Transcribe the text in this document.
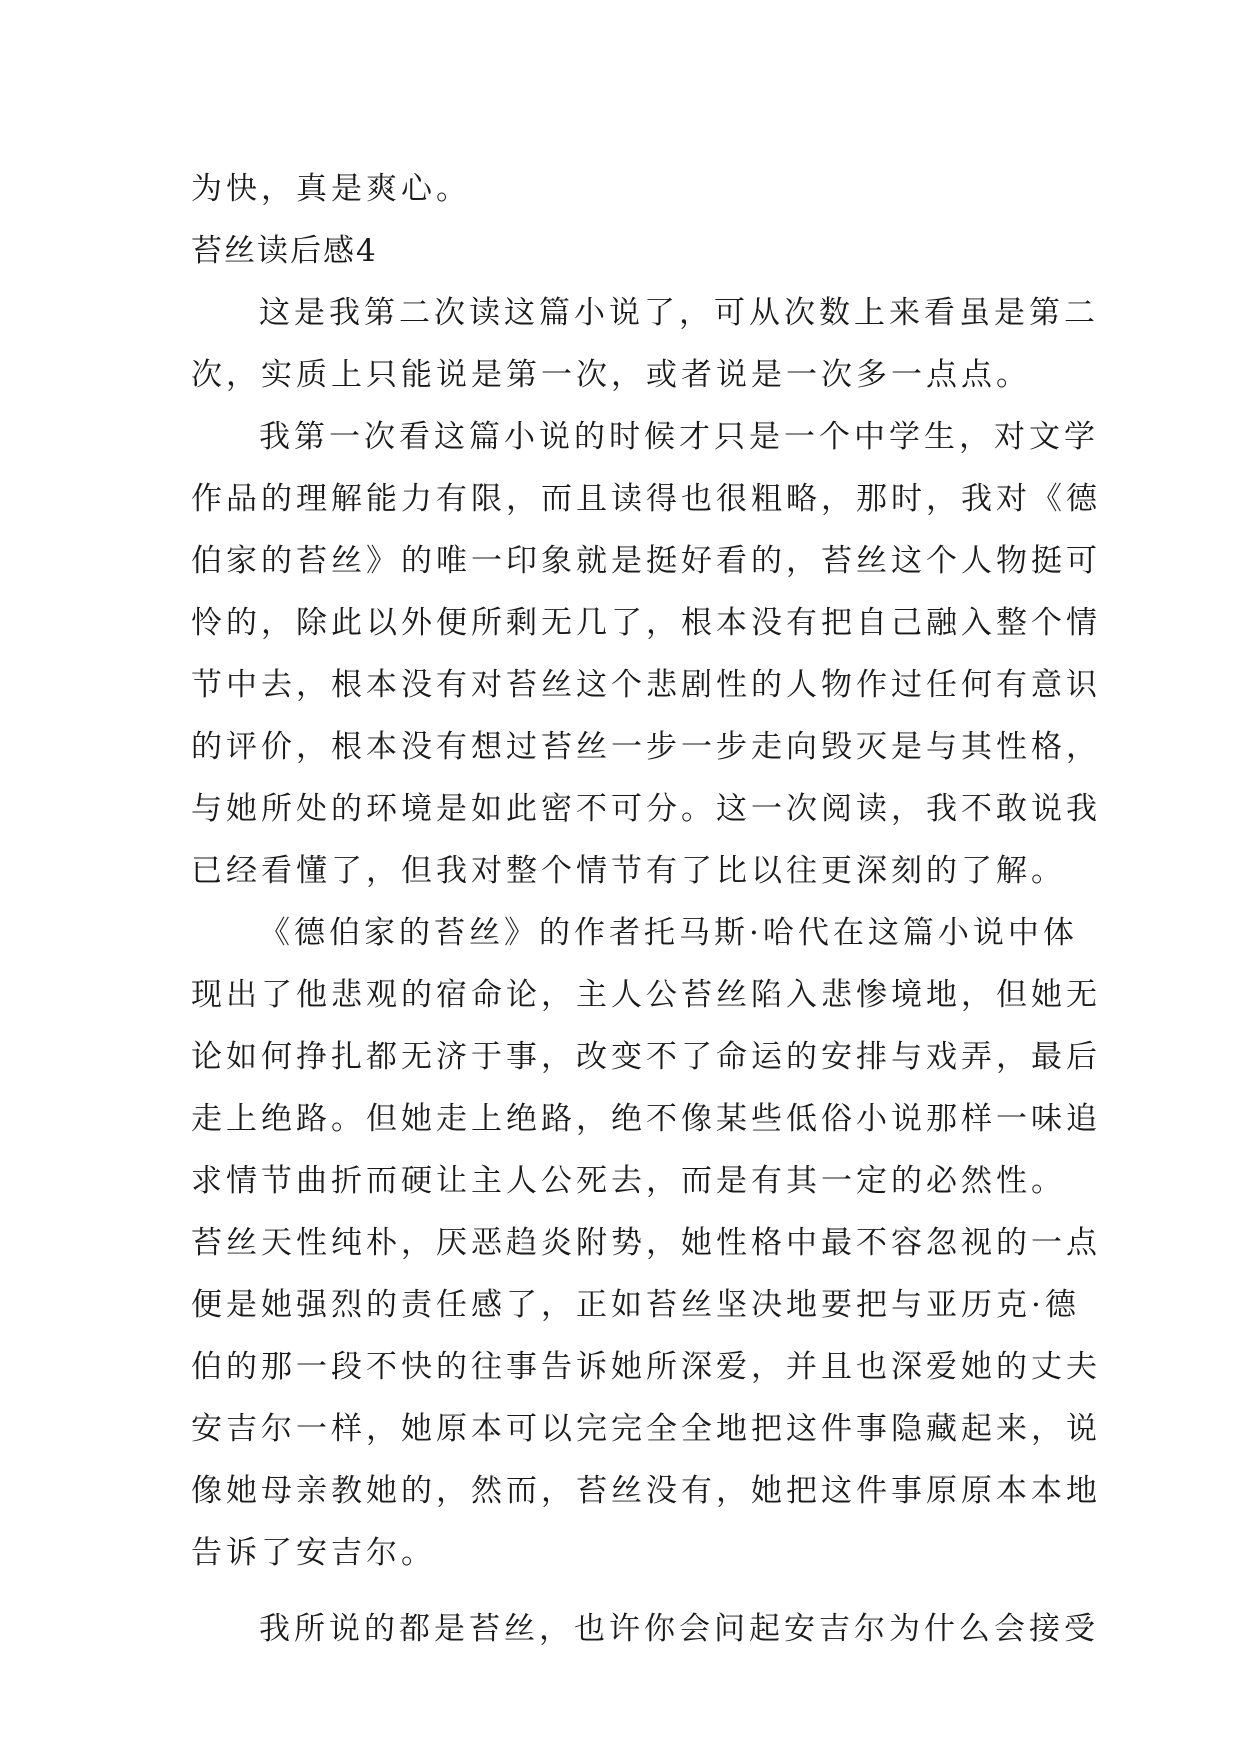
为快，真是爽心。
苔丝读后感4
这是我第二次读这篇小说了，可从次数上来看虽是第二
次，实质上只能说是第一次，或者说是一次多一点点。
我第一次看这篇小说的时候才只是一个中学生，对文学
作品的理解能力有限，而且读得也很粗略，那时，我对《德
伯家的苔丝》的唯一印象就是挺好看的，苔丝这个人物挺可
怜的，除此以外便所剩无几了，根本没有把自己融入整个情
节中去，根本没有对苔丝这个悲剧性的人物作过任何有意识
的评价，根本没有想过苔丝一步一步走向毁灭是与其性格，
与她所处的环境是如此密不可分。这一次阅读，我不敢说我
已经看懂了，但我对整个情节有了比以往更深刻的了解。
《德伯家的苔丝》的作者托马斯·哈代在这篇小说中体
现出了他悲观的宿命论，主人公苔丝陷入悲惨境地，但她无
论如何挣扎都无济于事，改变不了命运的安排与戏弄，最后
走上绝路。但她走上绝路，绝不像某些低俗小说那样一味追
求情节曲折而硬让主人公死去，而是有其一定的必然性。
苔丝天性纯朴，厌恶趋炎附势，她性格中最不容忽视的一点
便是她强烈的责任感了，正如苔丝坚决地要把与亚历克·德
伯的那一段不快的往事告诉她所深爱，并且也深爱她的丈夫
安吉尔一样，她原本可以完完全全地把这件事隐藏起来，说
像她母亲教她的，然而，苔丝没有，她把这件事原原本本地
告诉了安吉尔。
我所说的都是苔丝，也许你会问起安吉尔为什么会接受
